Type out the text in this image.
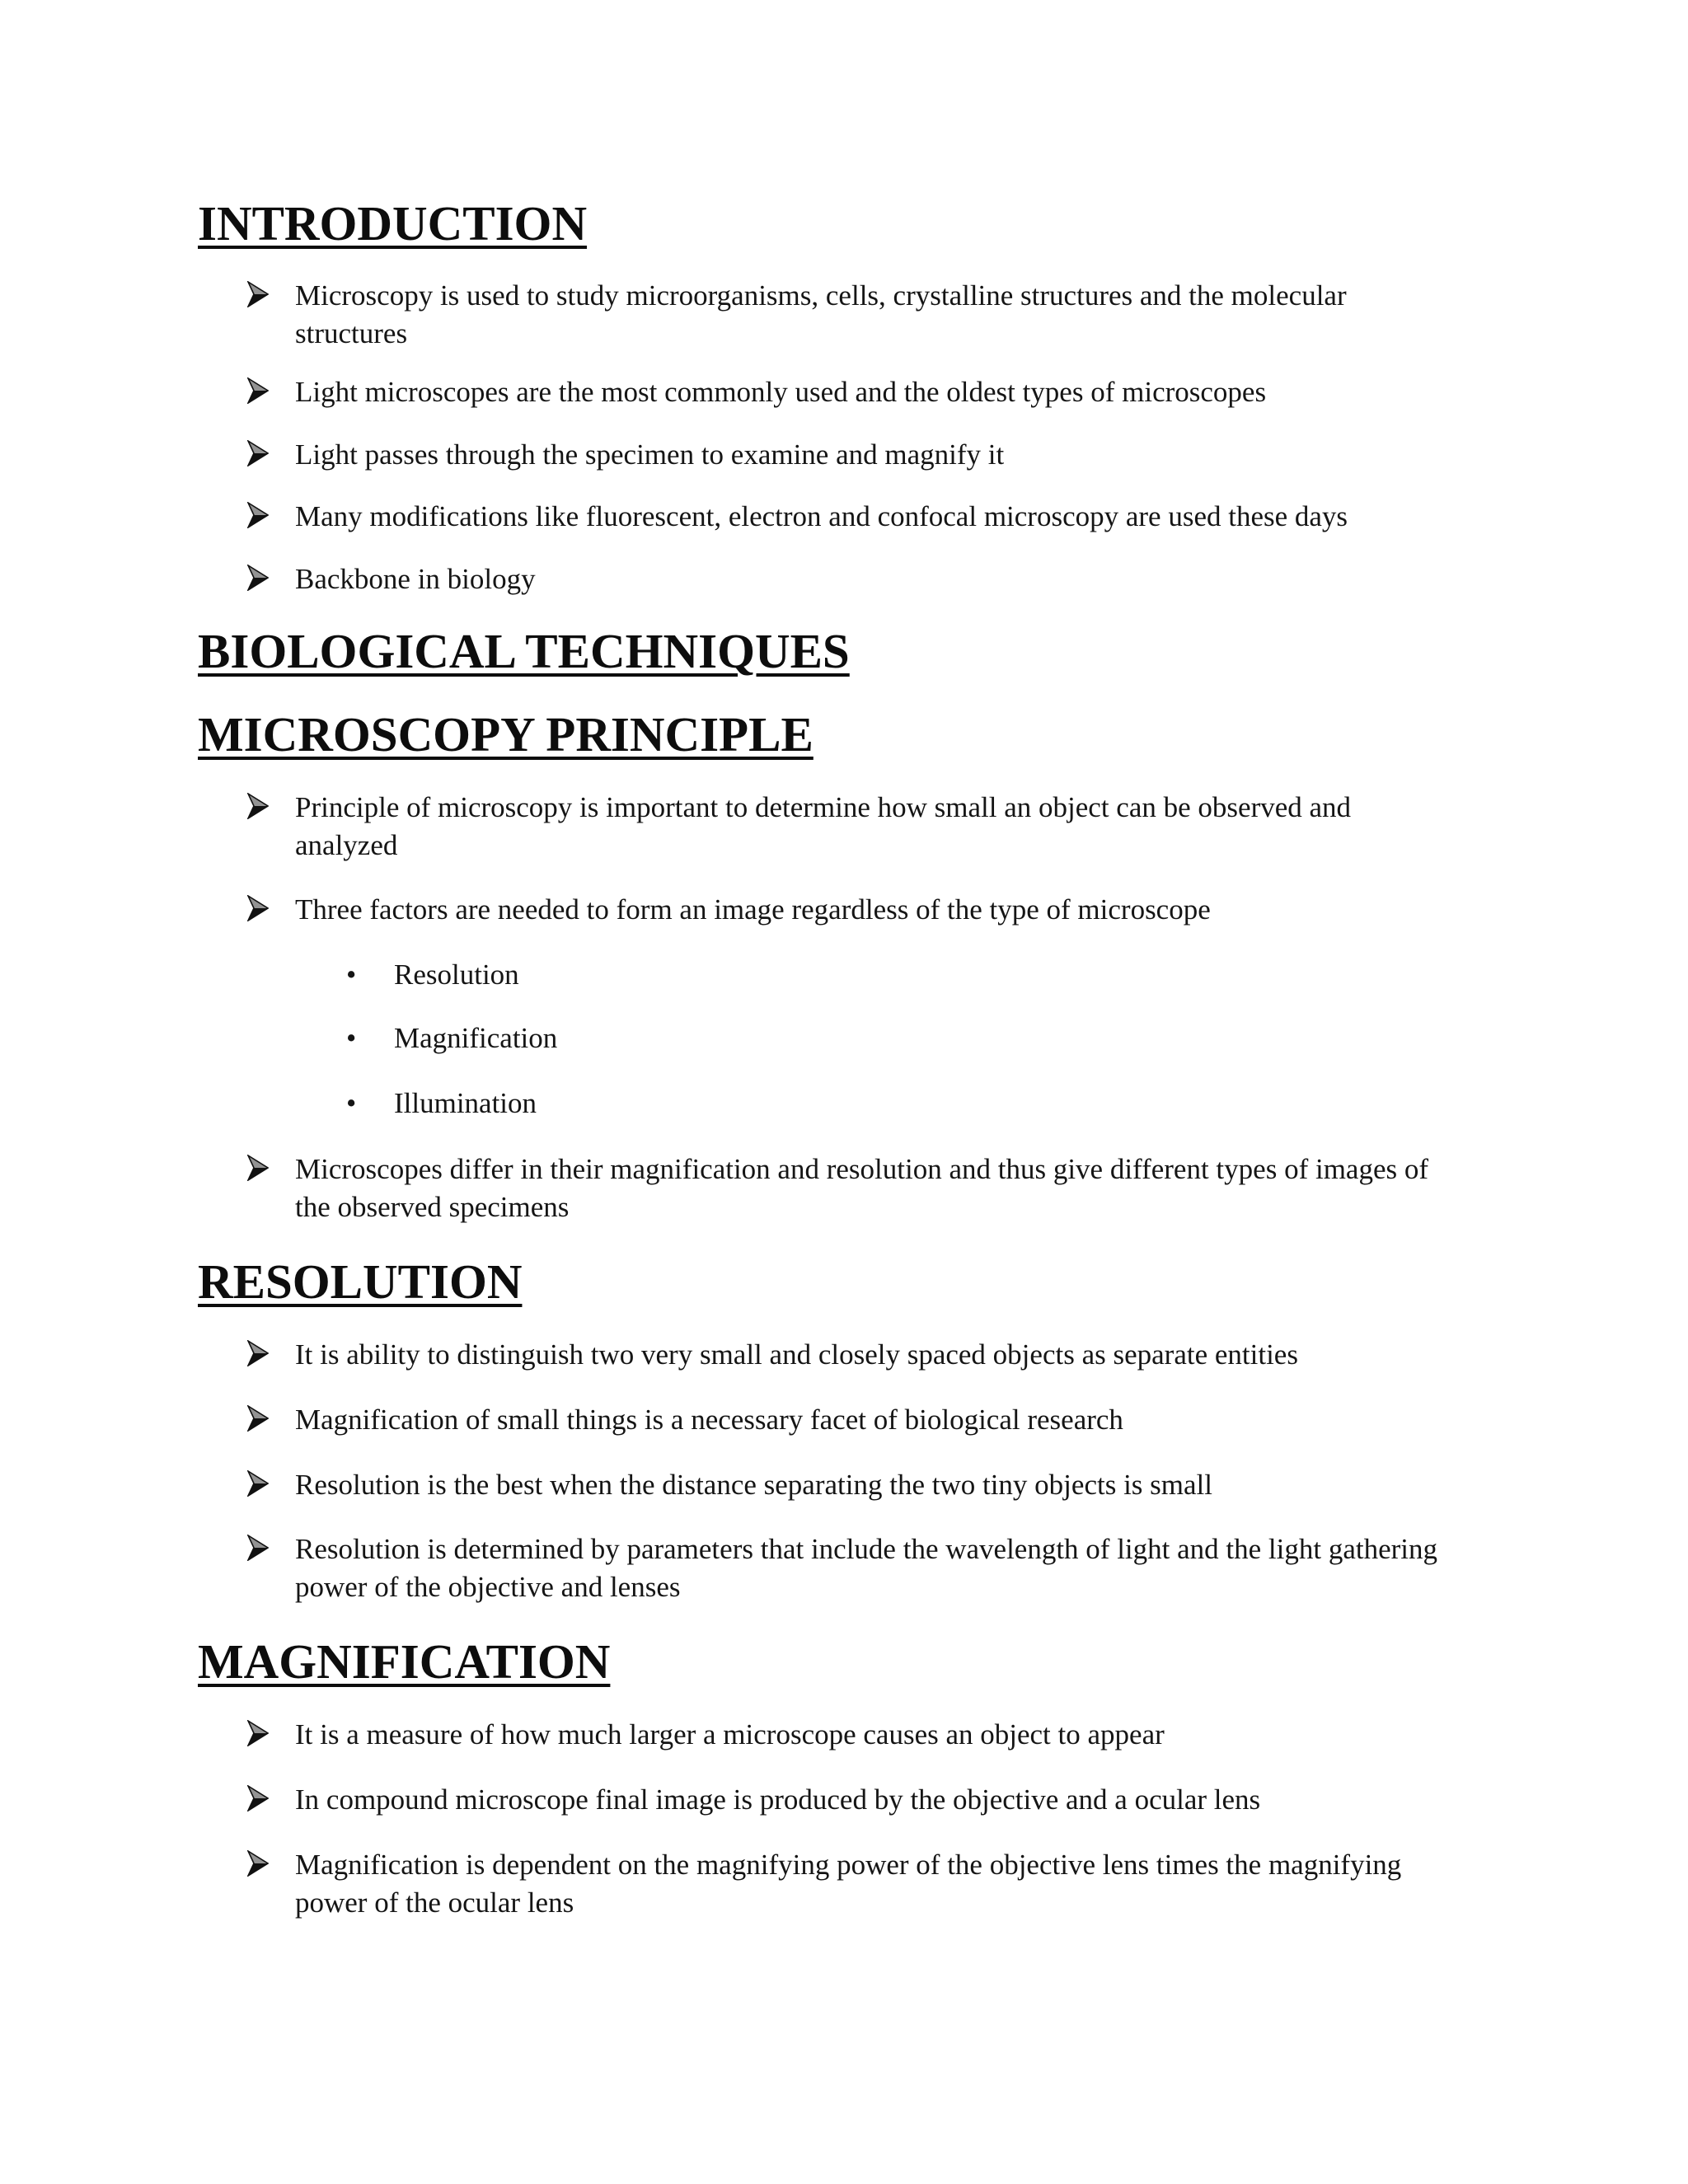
INTRODUCTION
Microscopy is used to study microorganisms, cells, crystalline structures and the molecular structures
Light microscopes are the most commonly used and the oldest types of microscopes
Light passes through the specimen to examine and magnify it
Many modifications like fluorescent, electron and confocal microscopy are used these days
Backbone in biology
BIOLOGICAL TECHNIQUES
MICROSCOPY PRINCIPLE
Principle of microscopy is important to determine how small an object can be observed and analyzed
Three factors are needed to form an image regardless of the type of microscope
• Resolution
• Magnification
• Illumination
Microscopes differ in their magnification and resolution and thus give different types of images of the observed specimens
RESOLUTION
It is ability to distinguish two very small and closely spaced objects as separate entities
Magnification of small things is a necessary facet of biological research
Resolution is the best when the distance separating the two tiny objects is small
Resolution is determined by parameters that include the wavelength of light and the light gathering power of the objective and lenses
MAGNIFICATION
It is a measure of how much larger a microscope causes an object to appear
In compound microscope final image is produced by the objective and a ocular lens
Magnification is dependent on the magnifying power of the objective lens times the magnifying power of the ocular lens
